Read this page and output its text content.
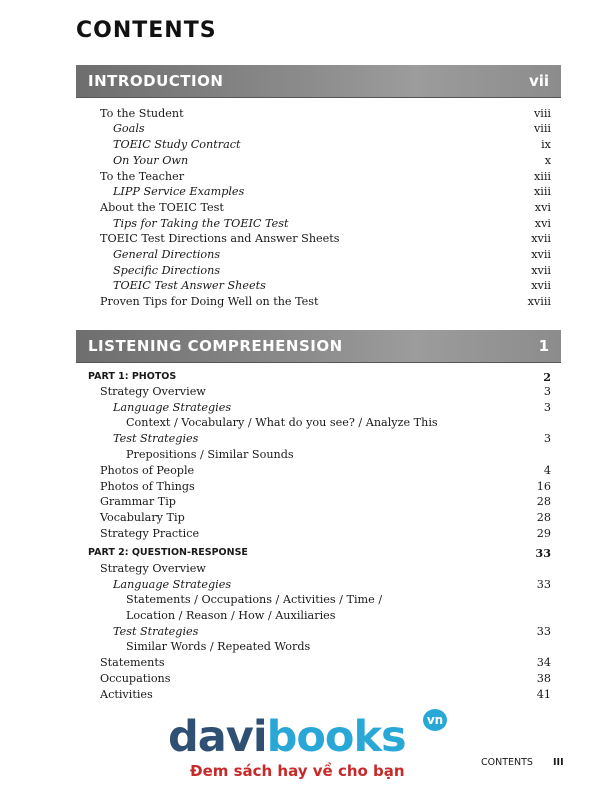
CONTENTS
INTRODUCTION	vii
To the Student	viii
Goals	viii
TOEIC Study Contract	ix
On Your Own	x
To the Teacher	xiii
LIPP Service Examples	xiii
About the TOEIC Test	xvi
Tips for Taking the TOEIC Test	xvi
TOEIC Test Directions and Answer Sheets	xvii
General Directions	xvii
Specific Directions	xvii
TOEIC Test Answer Sheets	xvii
Proven Tips for Doing Well on the Test	xviii
LISTENING COMPREHENSION	1
PART 1: PHOTOS	2
Strategy Overview	3
Language Strategies	3
Context / Vocabulary / What do you see? / Analyze This
Test Strategies	3
Prepositions / Similar Sounds
Photos of People	4
Photos of Things	16
Grammar Tip	28
Vocabulary Tip	28
Strategy Practice	29
PART 2: QUESTION-RESPONSE	33
Strategy Overview
Language Strategies	33
Statements / Occupations / Activities / Time /
Location / Reason / How / Auxiliaries
Test Strategies	33
Similar Words / Repeated Words
Statements	34
Occupations	38
Activities	41
davibooks	vn
Đem sách hay về cho bạn	CONTENTS III
